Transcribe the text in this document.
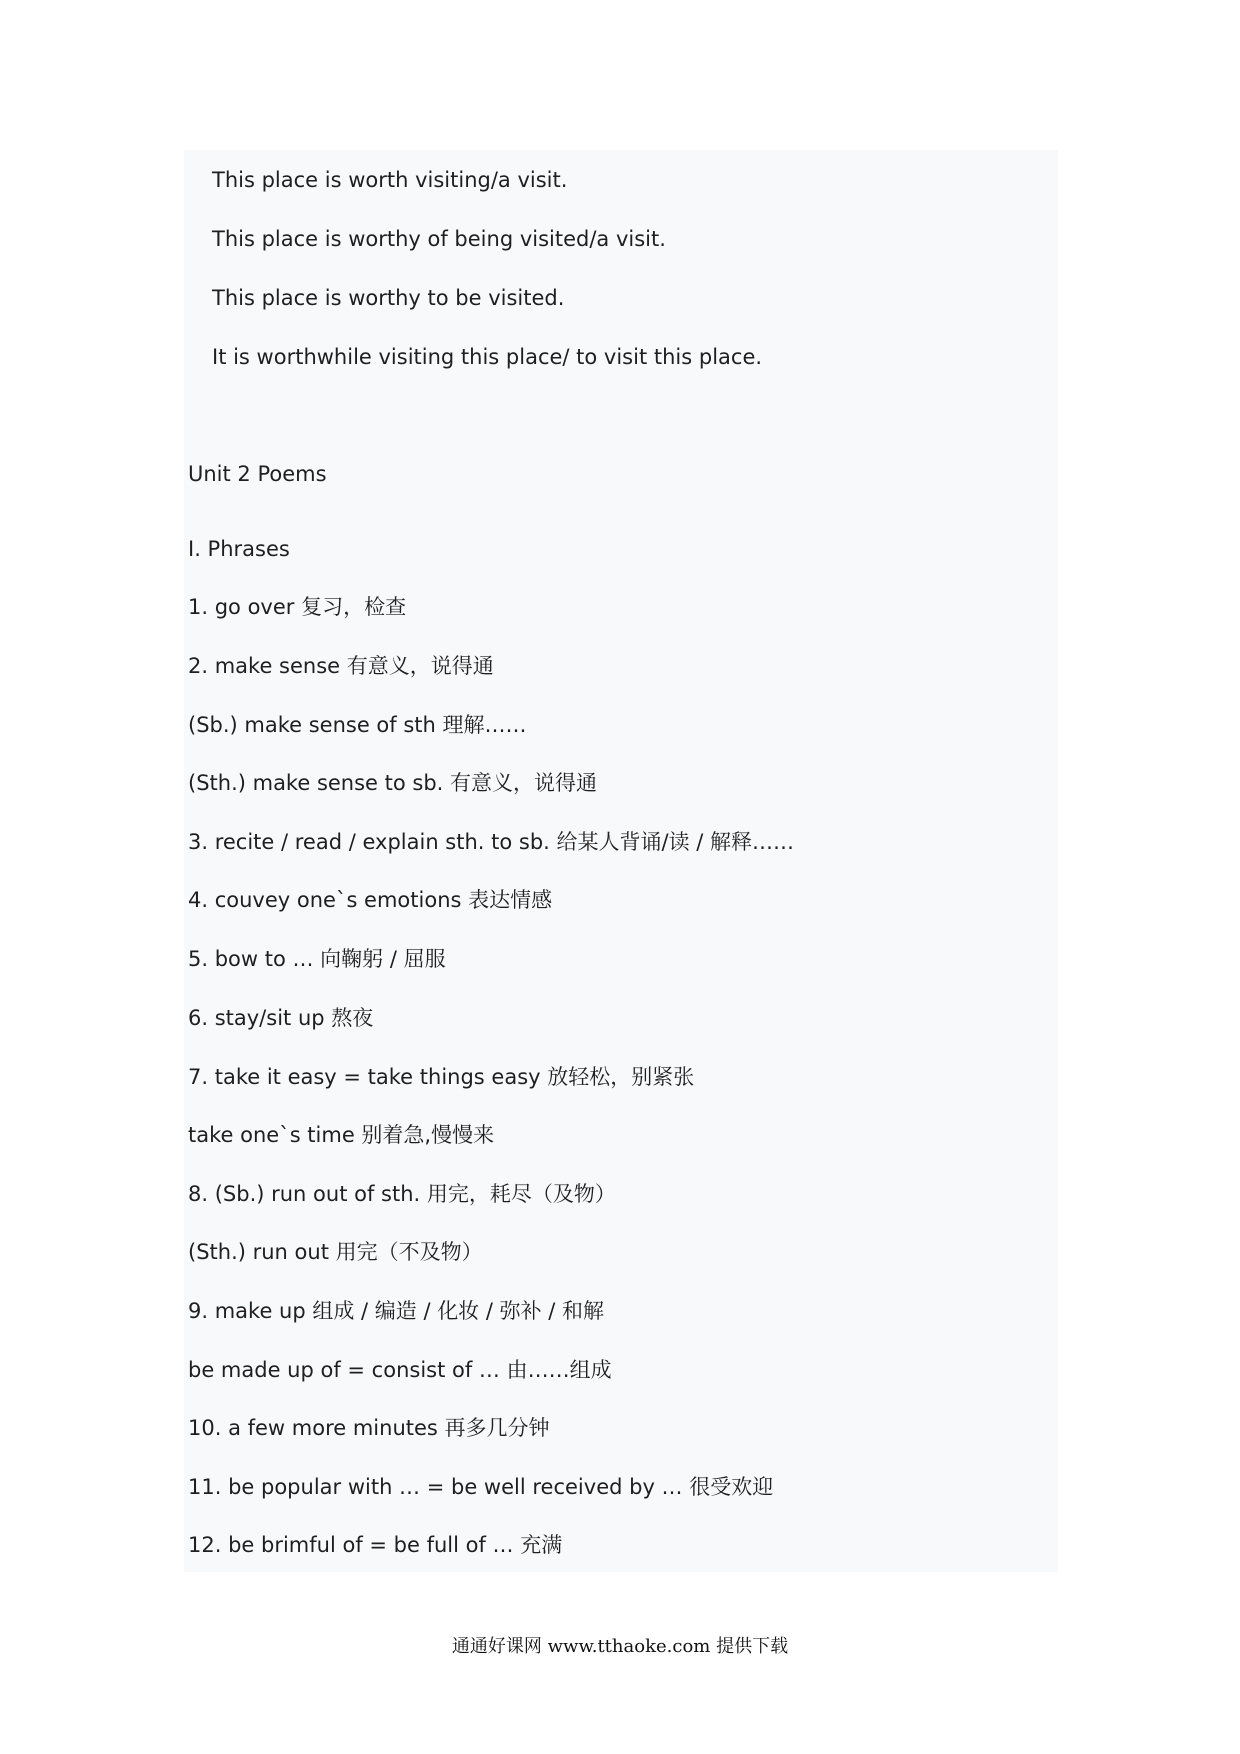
This place is worth visiting/a visit.
This place is worthy of being visited/a visit.
This place is worthy to be visited.
It is worthwhile visiting this place/ to visit this place.
Unit 2 Poems
I. Phrases
1. go over 复习，检查
2. make sense 有意义，说得通
(Sb.) make sense of sth 理解……
(Sth.) make sense to sb. 有意义，说得通
3. recite / read / explain sth. to sb. 给某人背诵/读 / 解释……
4. couvey one`s emotions 表达情感
5. bow to … 向鞠躬 / 屈服
6. stay/sit up 熬夜
7. take it easy = take things easy 放轻松，别紧张
take one`s time 别着急,慢慢来
8. (Sb.) run out of sth. 用完，耗尽（及物）
(Sth.) run out 用完（不及物）
9. make up 组成 / 编造 / 化妆 / 弥补 / 和解
be made up of = consist of … 由……组成
10. a few more minutes 再多几分钟
11. be popular with … = be well received by … 很受欢迎
12. be brimful of = be full of … 充满
通通好课网 www.tthaoke.com 提供下载
